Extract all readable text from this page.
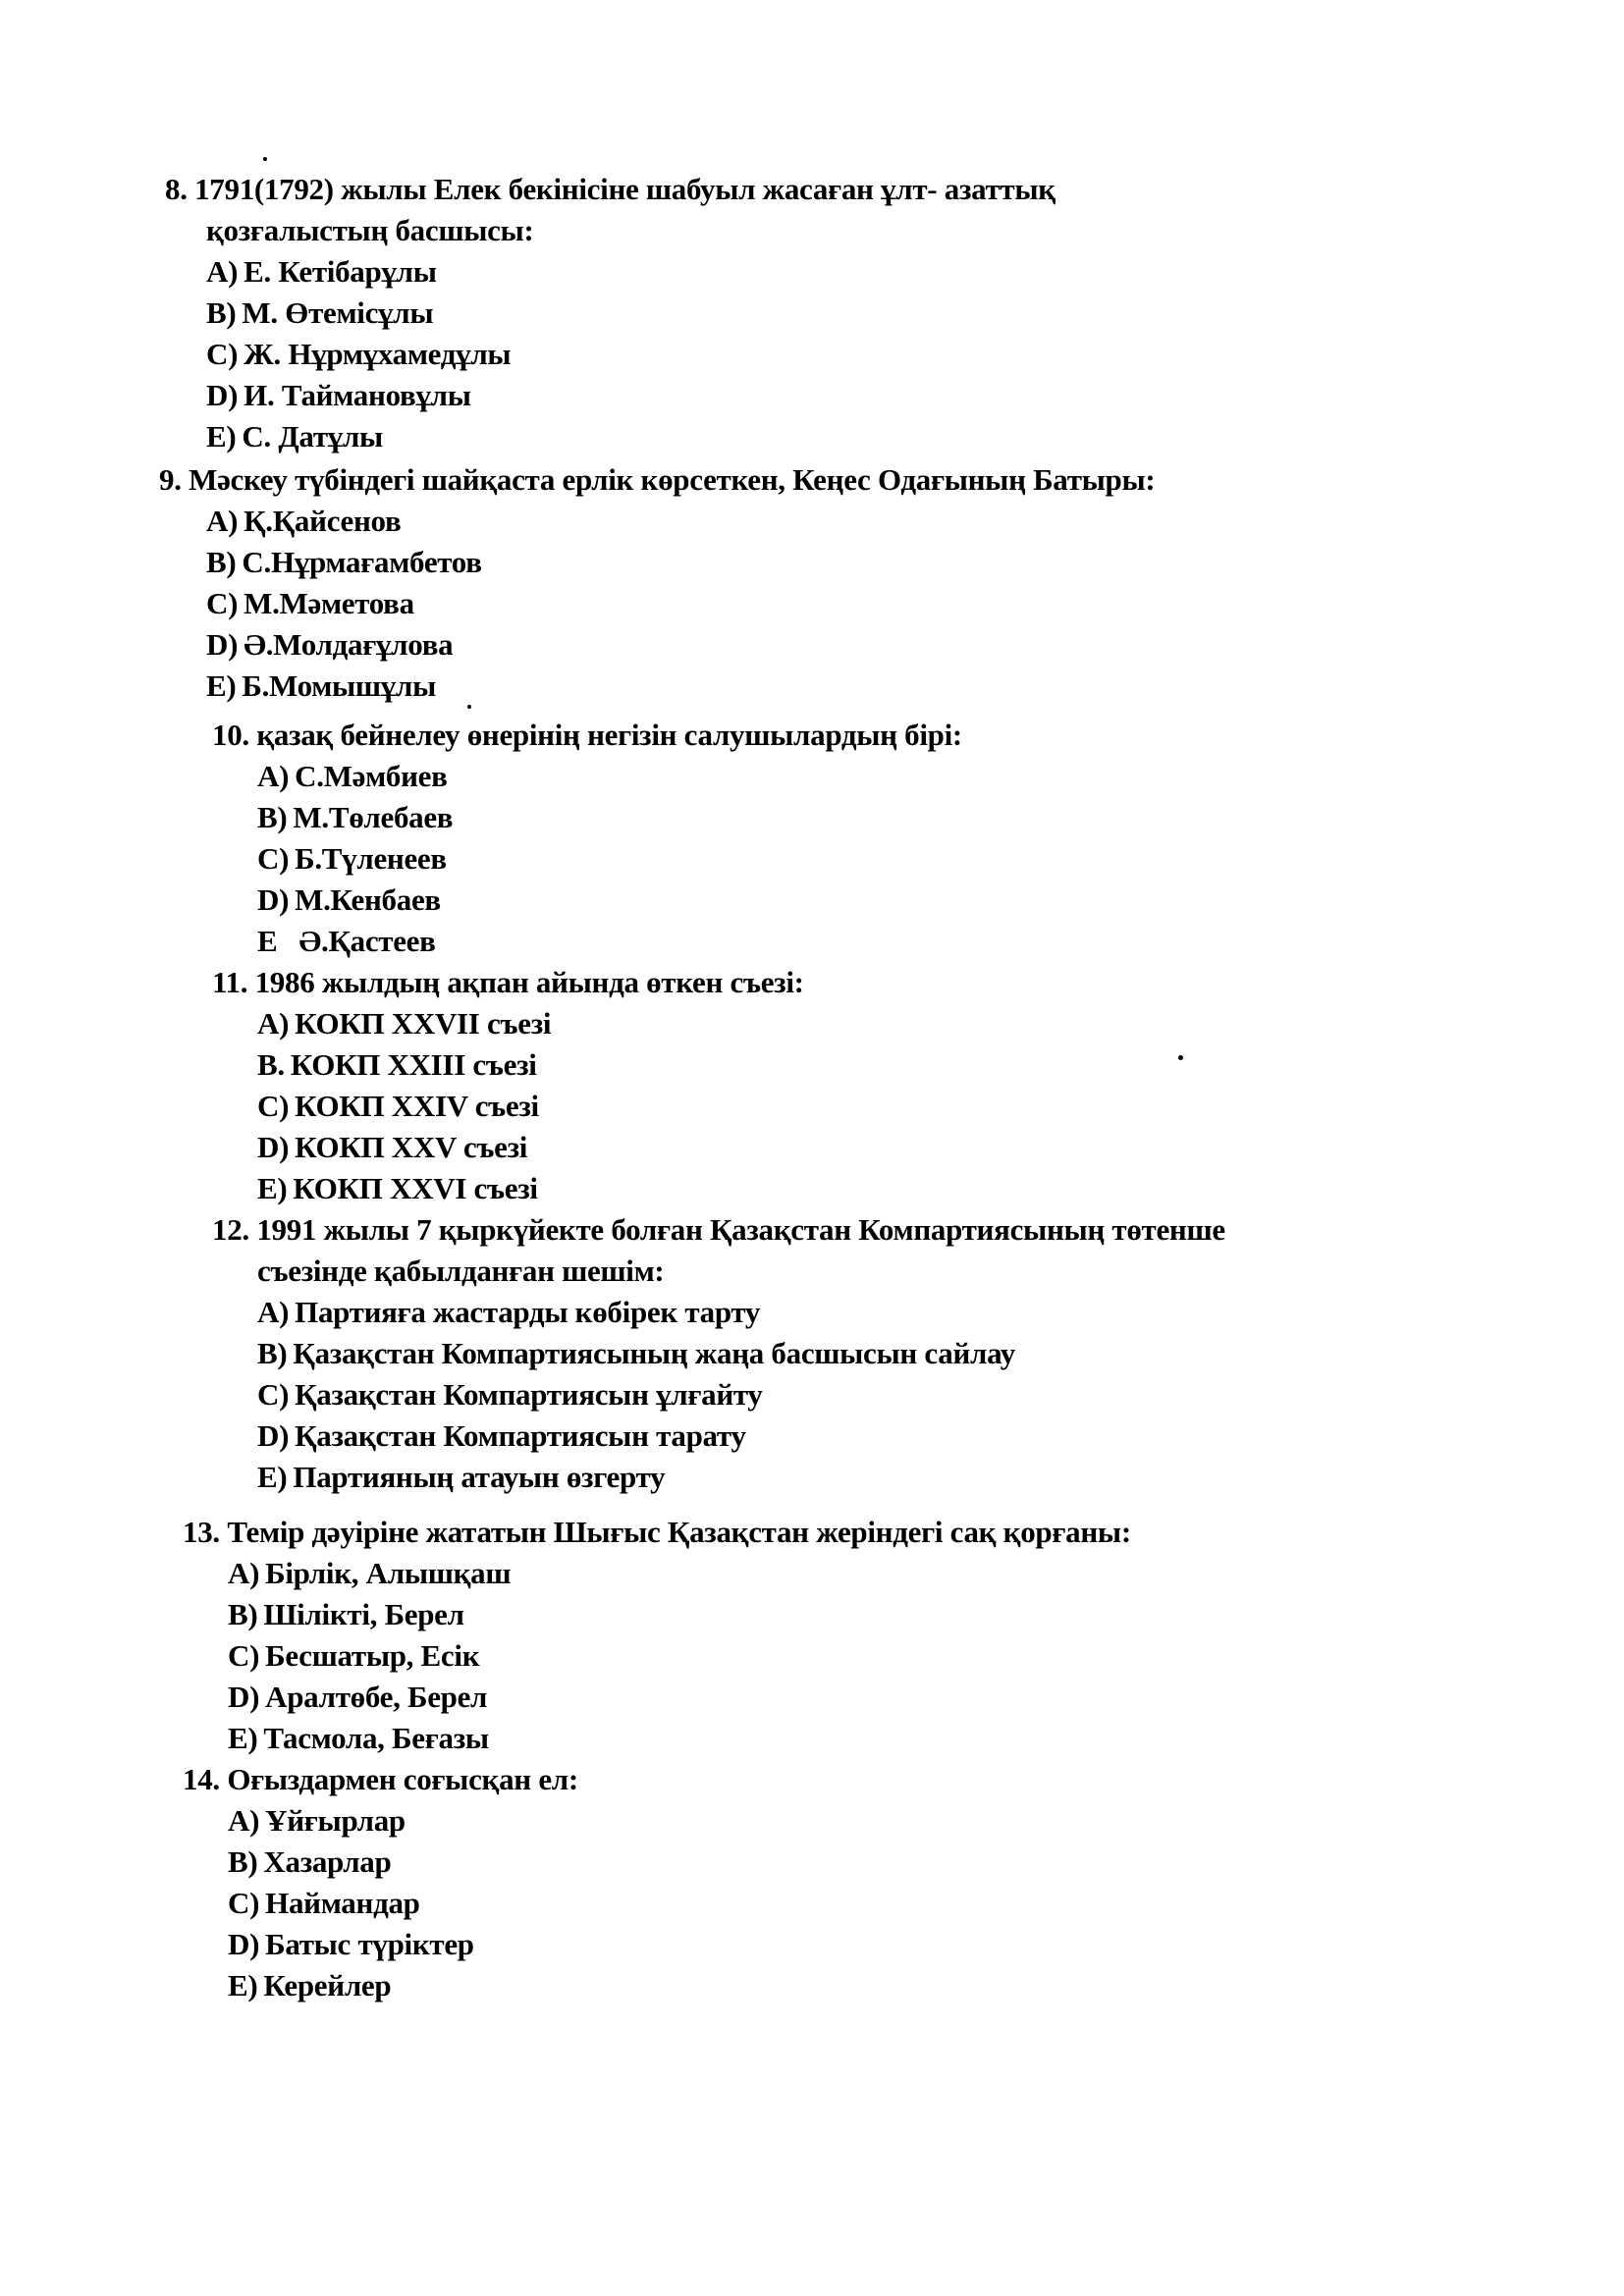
8. 1791(1792) жылы Елек бекінісіне шабуыл жасаған ұлт- азаттық
қозғалыстың басшысы:
A) Е. Кетібарұлы
B) М. Өтемісұлы
C) Ж. Нұрмұхамедұлы
D) И. Таймановұлы
E) С. Датұлы
9. Мәскеу түбіндегі шайқаста ерлік көрсеткен, Кеңес Одағының Батыры:
A) Қ.Қайсенов
B) С.Нұрмағамбетов
C) М.Мәметова
D) Ә.Молдағұлова
E) Б.Момышұлы
10. қазақ бейнелеу өнерінің негізін салушылардың бірі:
A) С.Мәмбиев
B) М.Төлебаев
C) Б.Түленеев
D) М.Кенбаев
E Ә.Қастеев
11. 1986 жылдың ақпан айында өткен съезі:
A) КОКП XXVII съезі
B. КОКП XXIII съезі
C) КОКП XXIV съезі
D) КОКП XXV съезі
E) КОКП XXVI съезі
12. 1991 жылы 7 қыркүйекте болған Қазақстан Компартиясының төтенше
съезінде қабылданған шешім:
A) Партияға жастарды көбірек тарту
B) Қазақстан Компартиясының жаңа басшысын сайлау
C) Қазақстан Компартиясын ұлғайту
D) Қазақстан Компартиясын тарату
E) Партияның атауын өзгерту
13. Темір дәуіріне жататын Шығыс Қазақстан жеріндегі сақ қорғаны:
A) Бірлік, Алышқаш
B) Шілікті, Берел
C) Бесшатыр, Есік
D) Аралтөбе, Берел
E) Тасмола, Беғазы
14. Оғыздармен соғысқан ел:
A) Ұйғырлар
B) Хазарлар
C) Наймандар
D) Батыс түріктер
E) Керейлер
